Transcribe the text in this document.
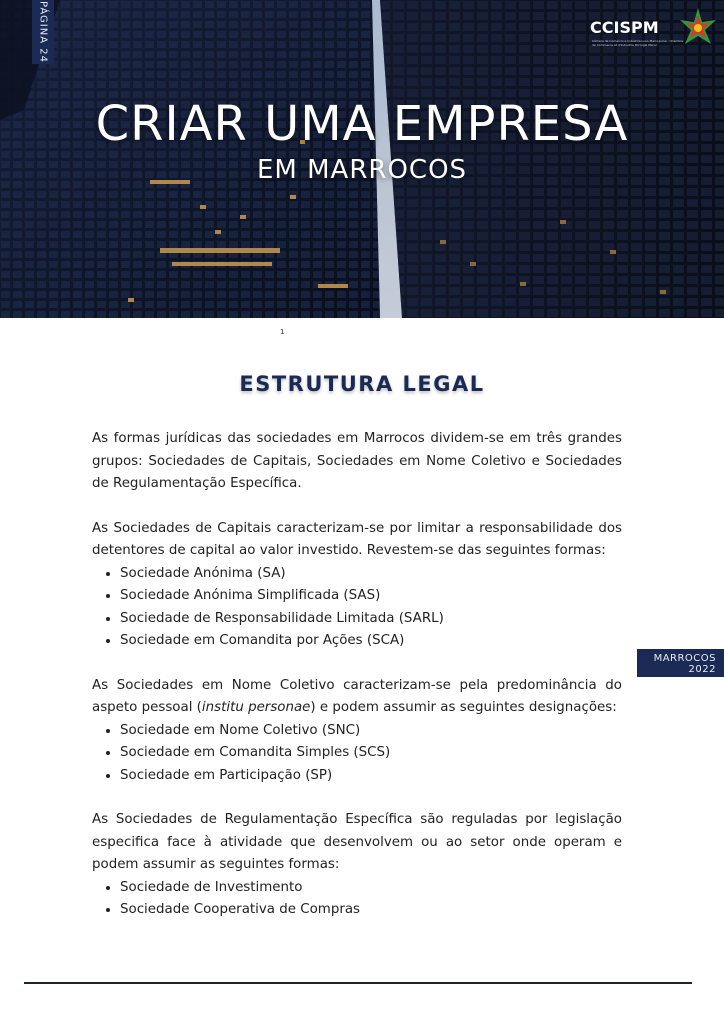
PÁGINA 24	CCISPM
Câmara de Comércio e Indústria Luso-Marroquina · Chambre de Commerce et d'Industrie Portugal Maroc
CRIAR UMA EMPRESA
EM MARROCOS
1
ESTRUTURA LEGAL

As formas jurídicas das sociedades em Marrocos dividem-se em três grandes grupos: Sociedades de Capitais, Sociedades em Nome Coletivo e Sociedades de Regulamentação Específica.

As Sociedades de Capitais caracterizam-se por limitar a responsabilidade dos detentores de capital ao valor investido. Revestem-se das seguintes formas:

• Sociedade Anónima (SA)
• Sociedade Anónima Simplificada (SAS)
• Sociedade de Responsabilidade Limitada (SARL)
• Sociedade em Comandita por Ações (SCA)

As Sociedades em Nome Coletivo caracterizam-se pela predominância do aspeto pessoal (institu personae) e podem assumir as seguintes designações:

• Sociedade em Nome Coletivo (SNC)
• Sociedade em Comandita Simples (SCS)
• Sociedade em Participação (SP)

As Sociedades de Regulamentação Específica são reguladas por legislação especifica face à atividade que desenvolvem ou ao setor onde operam e podem assumir as seguintes formas:

• Sociedade de Investimento
• Sociedade Cooperativa de Compras
MARROCOS
2022
